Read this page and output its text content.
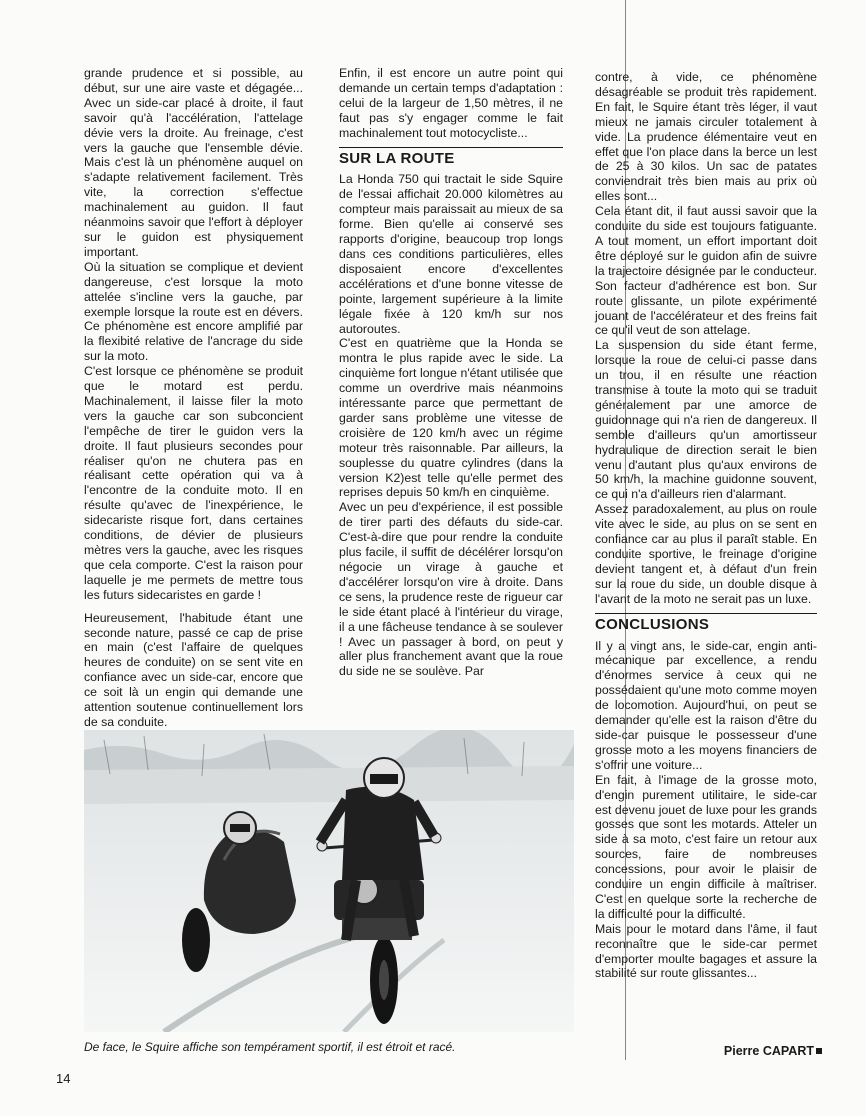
grande prudence et si possible, au début, sur une aire vaste et dégagée... Avec un side-car placé à droite, il faut savoir qu'à l'accélération, l'attelage dévie vers la droite. Au freinage, c'est vers la gauche que l'ensemble dévie. Mais c'est là un phénomène auquel on s'adapte relativement facilement. Très vite, la correction s'effectue machinalement au guidon. Il faut néanmoins savoir que l'effort à déployer sur le guidon est physiquement important.

Où la situation se complique et devient dangereuse, c'est lorsque la moto attelée s'incline vers la gauche, par exemple lorsque la route est en dévers. Ce phénomène est encore amplifié par la flexibité relative de l'ancrage du side sur la moto.

C'est lorsque ce phénomène se produit que le motard est perdu. Machinalement, il laisse filer la moto vers la gauche car son subconcient l'empêche de tirer le guidon vers la droite. Il faut plusieurs secondes pour réaliser qu'on ne chutera pas en réalisant cette opération qui va à l'encontre de la conduite moto. Il en résulte qu'avec de l'inexpérience, le sidecariste risque fort, dans certaines conditions, de dévier de plusieurs mètres vers la gauche, avec les risques que cela comporte. C'est la raison pour laquelle je me permets de mettre tous les futurs sidecaristes en garde !

Heureusement, l'habitude étant une seconde nature, passé ce cap de prise en main (c'est l'affaire de quelques heures de conduite) on se sent vite en confiance avec un side-car, encore que ce soit là un engin qui demande une attention soutenue continuellement lors de sa conduite.

Enfin, il est encore un autre point qui demande un certain temps d'adaptation : celui de la largeur de 1,50 mètres, il ne faut pas s'y engager comme le fait machinalement tout motocycliste...

SUR LA ROUTE

La Honda 750 qui tractait le side Squire de l'essai affichait 20.000 kilomètres au compteur mais paraissait au mieux de sa forme. Bien qu'elle ai conservé ses rapports d'origine, beaucoup trop longs dans ces conditions particulières, elles disposaient encore d'excellentes accélérations et d'une bonne vitesse de pointe, largement supérieure à la limite légale fixée à 120 km/h sur nos autoroutes.

C'est en quatrième que la Honda se montra le plus rapide avec le side. La cinquième fort longue n'étant utilisée que comme un overdrive mais néanmoins intéressante parce que permettant de garder sans problème une vitesse de croisière de 120 km/h avec un régime moteur très raisonnable. Par ailleurs, la souplesse du quatre cylindres (dans la version K2)est telle qu'elle permet des reprises depuis 50 km/h en cinquième.

Avec un peu d'expérience, il est possible de tirer parti des défauts du side-car. C'est-à-dire que pour rendre la conduite plus facile, il suffit de décélérer lorsqu'on négocie un virage à gauche et d'accélérer lorsqu'on vire à droite. Dans ce sens, la prudence reste de rigueur car le side étant placé à l'intérieur du virage, il a une fâcheuse tendance à se soulever ! Avec un passager à bord, on peut y aller plus franchement avant que la roue du side ne se soulève. Par

contre, à vide, ce phénomène désagréable se produit très rapidement. En fait, le Squire étant très léger, il vaut mieux ne jamais circuler totalement à vide. La prudence élémentaire veut en effet que l'on place dans la berce un lest de 25 à 30 kilos. Un sac de patates conviendrait très bien mais au prix où elles sont...

Cela étant dit, il faut aussi savoir que la conduite du side est toujours fatiguante. A tout moment, un effort important doit être déployé sur le guidon afin de suivre la trajectoire désignée par le conducteur. Son facteur d'adhérence est bon. Sur route glissante, un pilote expérimenté jouant de l'accélérateur et des freins fait ce qu'il veut de son attelage.

La suspension du side étant ferme, lorsque la roue de celui-ci passe dans un trou, il en résulte une réaction transmise à toute la moto qui se traduit généralement par une amorce de guidonnage qui n'a rien de dangereux. Il semble d'ailleurs qu'un amortisseur hydraulique de direction serait le bien venu d'autant plus qu'aux environs de 50 km/h, la machine guidonne souvent, ce qui n'a d'ailleurs rien d'alarmant.

Assez paradoxalement, au plus on roule vite avec le side, au plus on se sent en confiance car au plus il paraît stable. En conduite sportive, le freinage d'origine devient tangent et, à défaut d'un frein sur la roue du side, un double disque à l'avant de la moto ne serait pas un luxe.

CONCLUSIONS

Il y a vingt ans, le side-car, engin anti-mécanique par excellence, a rendu d'énormes service à ceux qui ne possédaient qu'une moto comme moyen de locomotion. Aujourd'hui, on peut se demander qu'elle est la raison d'être du side-car puisque le possesseur d'une grosse moto a les moyens financiers de s'offrir une voiture...

En fait, à l'image de la grosse moto, d'engin purement utilitaire, le side-car est devenu jouet de luxe pour les grands gosses que sont les motards. Atteler un side à sa moto, c'est faire un retour aux sources, faire de nombreuses concessions, pour avoir le plaisir de conduire un engin difficile à maîtriser. C'est en quelque sorte la recherche de la difficulté pour la difficulté.

Mais pour le motard dans l'âme, il faut reconnaître que le side-car permet d'emporter moulte bagages et assure la stabilité sur route glissantes...

De face, le Squire affiche son tempérament sportif, il est étroit et racé.	Pierre CAPART
14
